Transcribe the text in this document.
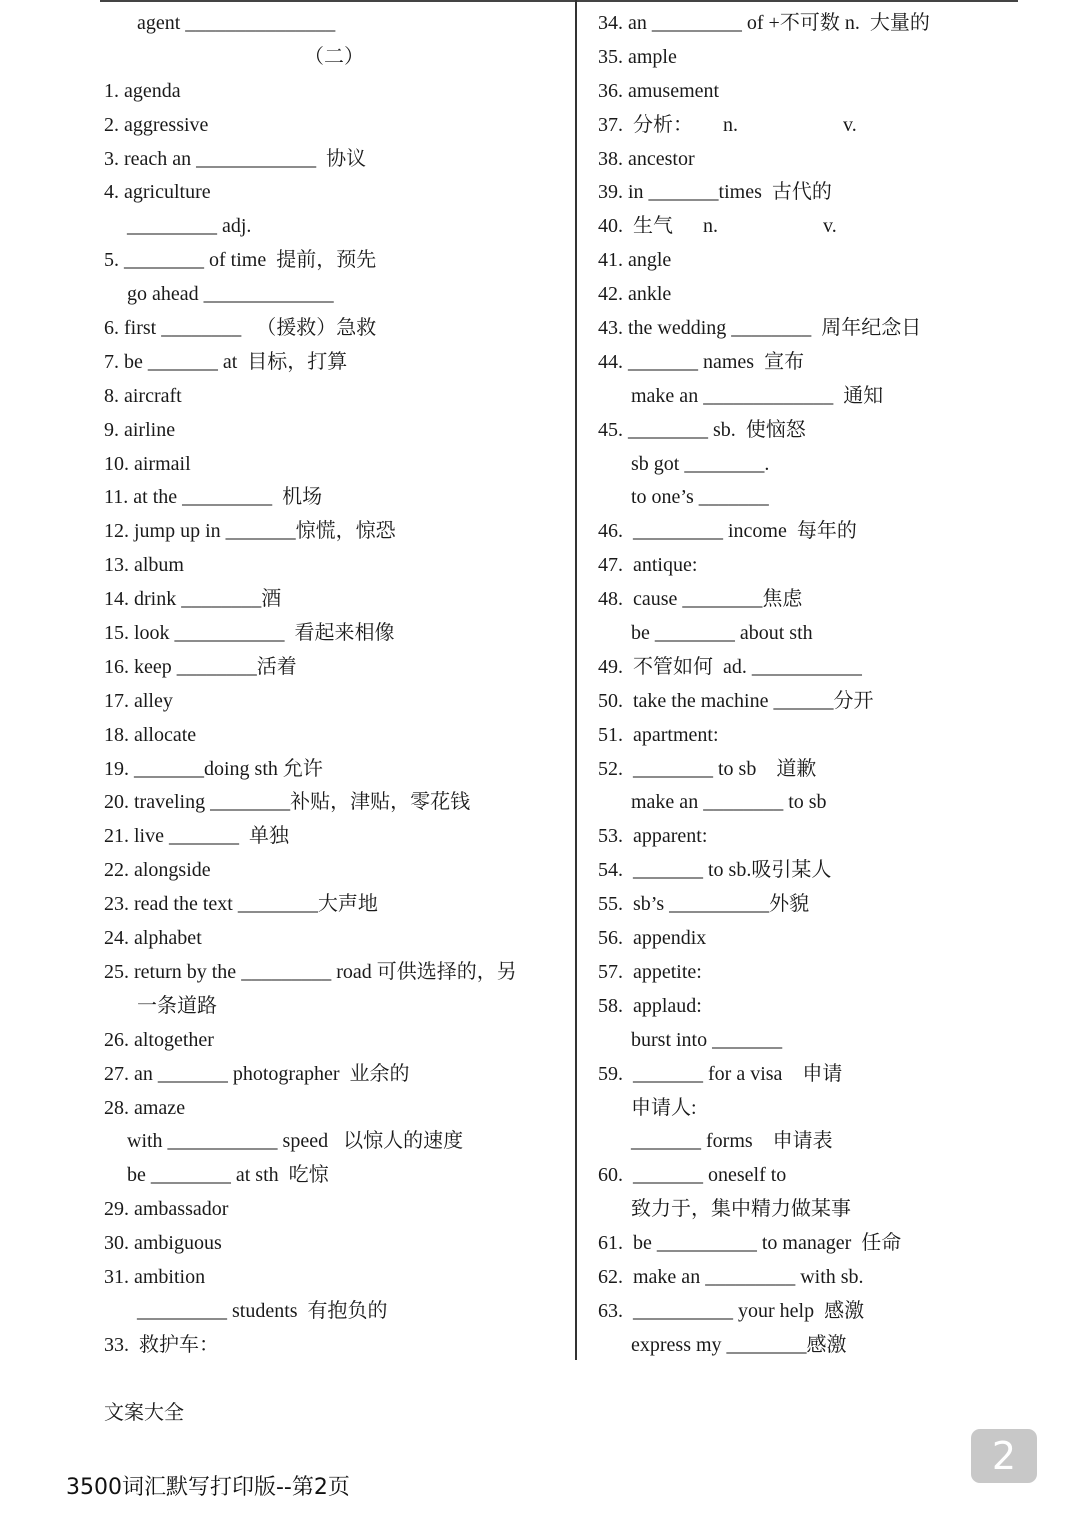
agent _______________
（二）
1. agenda
2. aggressive
3. reach an ____________  协议
4. agriculture
_________ adj.
5. ________ of time  提前，预先
go ahead _____________
6. first ________   （援救）急救
7. be _______ at  目标，打算
8. aircraft
9. airline
10. airmail
11. at the _________  机场
12. jump up in _______惊慌，惊恐
13. album
14. drink ________酒
15. look ___________  看起来相像
16. keep ________活着
17. alley
18. allocate
19. _______doing sth 允许
20. traveling ________补贴，津贴，零花钱
21. live _______  单独
22. alongside
23. read the text ________大声地
24. alphabet
25. return by the _________ road 可供选择的，另
一条道路
26. altogether
27. an _______ photographer  业余的
28. amaze
with ___________ speed   以惊人的速度
be ________ at sth  吃惊
29. ambassador
30. ambiguous
31. ambition
_________ students  有抱负的
33.  救护车：
34. an _________ of +不可数 n.  大量的
35. ample
36. amusement
37.  分析：      n.                     v.
38. ancestor
39. in _______times  古代的
40.  生气      n.                     v.
41. angle
42. ankle
43. the wedding ________  周年纪念日
44. _______ names  宣布
make an _____________  通知
45. ________ sb.  使恼怒
sb got ________.
to one’s _______
46.  _________ income  每年的
47.  antique:
48.  cause ________焦虑
be ________ about sth
49.  不管如何  ad. ___________
50.  take the machine ______分开
51.  apartment:
52.  ________ to sb    道歉
make an ________ to sb
53.  apparent:
54.  _______ to sb.吸引某人
55.  sb’s __________外貌
56.  appendix
57.  appetite:
58.  applaud:
burst into _______
59.  _______ for a visa    申请
申请人:
_______ forms    申请表
60.  _______ oneself to
致力于，集中精力做某事
61.  be __________ to manager  任命
62.  make an _________ with sb.
63.  __________ your help  感激
express my ________感激
文案大全
2
3500词汇默写打印版--第2页
